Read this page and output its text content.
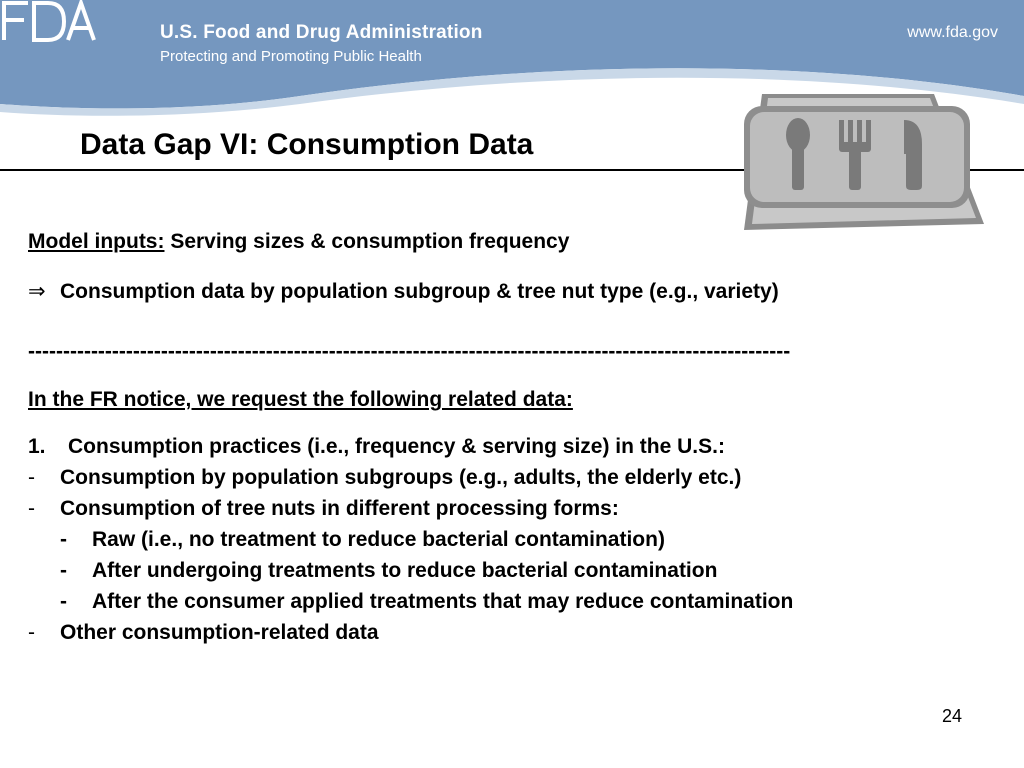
U.S. Food and Drug Administration
Protecting and Promoting Public Health
www.fda.gov
Data Gap VI: Consumption Data
Model inputs: Serving sizes & consumption frequency
⇒ Consumption data by population subgroup & tree nut type (e.g., variety)
-------------------------------------------------------------------------------------------------------------
In the FR notice, we request the following related data:
1. Consumption practices (i.e., frequency & serving size) in the U.S.:
- Consumption by population subgroups (e.g., adults, the elderly etc.)
- Consumption of tree nuts in different processing forms:
- Raw (i.e., no treatment to reduce bacterial contamination)
- After undergoing treatments to reduce bacterial contamination
- After the consumer applied treatments that may reduce contamination
- Other consumption-related data
24
